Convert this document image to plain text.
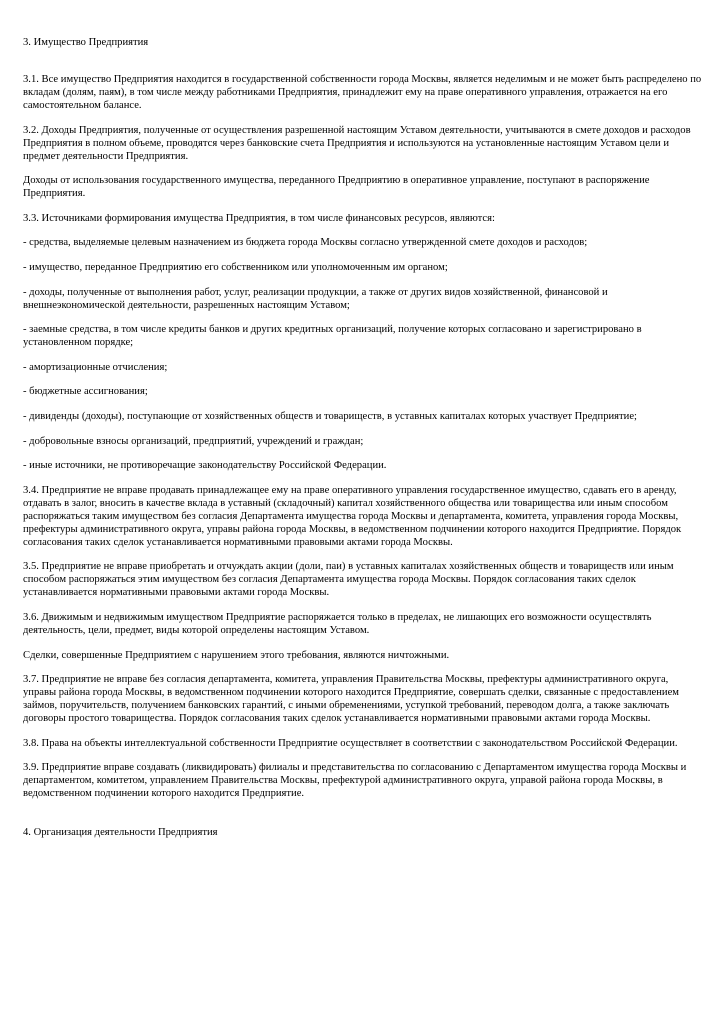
3. Имущество Предприятия
3.1. Все имущество Предприятия находится в государственной собственности города Москвы, является неделимым и не может быть распределено по вкладам (долям, паям), в том числе между работниками Предприятия, принадлежит ему на праве оперативного управления, отражается на его самостоятельном балансе.
3.2. Доходы Предприятия, полученные от осуществления разрешенной настоящим Уставом деятельности, учитываются в смете доходов и расходов Предприятия в полном объеме, проводятся через банковские счета Предприятия и используются на установленные настоящим Уставом цели и предмет деятельности Предприятия.
Доходы от использования государственного имущества, переданного Предприятию в оперативное управление, поступают в распоряжение Предприятия.
3.3. Источниками формирования имущества Предприятия, в том числе финансовых ресурсов, являются:
- средства, выделяемые целевым назначением из бюджета города Москвы согласно утвержденной смете доходов и расходов;
- имущество, переданное Предприятию его собственником или уполномоченным им органом;
- доходы, полученные от выполнения работ, услуг, реализации продукции, а также от других видов хозяйственной, финансовой и внешнеэкономической деятельности, разрешенных настоящим Уставом;
- заемные средства, в том числе кредиты банков и других кредитных организаций, получение которых согласовано и зарегистрировано в установленном порядке;
- амортизационные отчисления;
- бюджетные ассигнования;
- дивиденды (доходы), поступающие от хозяйственных обществ и товариществ, в уставных капиталах которых участвует Предприятие;
- добровольные взносы организаций, предприятий, учреждений и граждан;
- иные источники, не противоречащие законодательству Российской Федерации.
3.4. Предприятие не вправе продавать принадлежащее ему на праве оперативного управления государственное имущество, сдавать его в аренду, отдавать в залог, вносить в качестве вклада в уставный (складочный) капитал хозяйственного общества или товарищества или иным способом распоряжаться таким имуществом без согласия Департамента имущества города Москвы и департамента, комитета, управления города Москвы, префектуры административного округа, управы района города Москвы, в ведомственном подчинении которого находится Предприятие. Порядок согласования таких сделок устанавливается нормативными правовыми актами города Москвы.
3.5. Предприятие не вправе приобретать и отчуждать акции (доли, паи) в уставных капиталах хозяйственных обществ и товариществ или иным способом распоряжаться этим имуществом без согласия Департамента имущества города Москвы. Порядок согласования таких сделок устанавливается нормативными правовыми актами города Москвы.
3.6. Движимым и недвижимым имуществом Предприятие распоряжается только в пределах, не лишающих его возможности осуществлять деятельность, цели, предмет, виды которой определены настоящим Уставом.
Сделки, совершенные Предприятием с нарушением этого требования, являются ничтожными.
3.7. Предприятие не вправе без согласия департамента, комитета, управления Правительства Москвы, префектуры административного округа, управы района города Москвы, в ведомственном подчинении которого находится Предприятие, совершать сделки, связанные с предоставлением займов, поручительств, получением банковских гарантий, с иными обременениями, уступкой требований, переводом долга, а также заключать договоры простого товарищества. Порядок согласования таких сделок устанавливается нормативными правовыми актами города Москвы.
3.8. Права на объекты интеллектуальной собственности Предприятие осуществляет в соответствии с законодательством Российской Федерации.
3.9. Предприятие вправе создавать (ликвидировать) филиалы и представительства по согласованию с Департаментом имущества города Москвы и департаментом, комитетом, управлением Правительства Москвы, префектурой административного округа, управой района города Москвы, в ведомственном подчинении которого находится Предприятие.
4. Организация деятельности Предприятия
